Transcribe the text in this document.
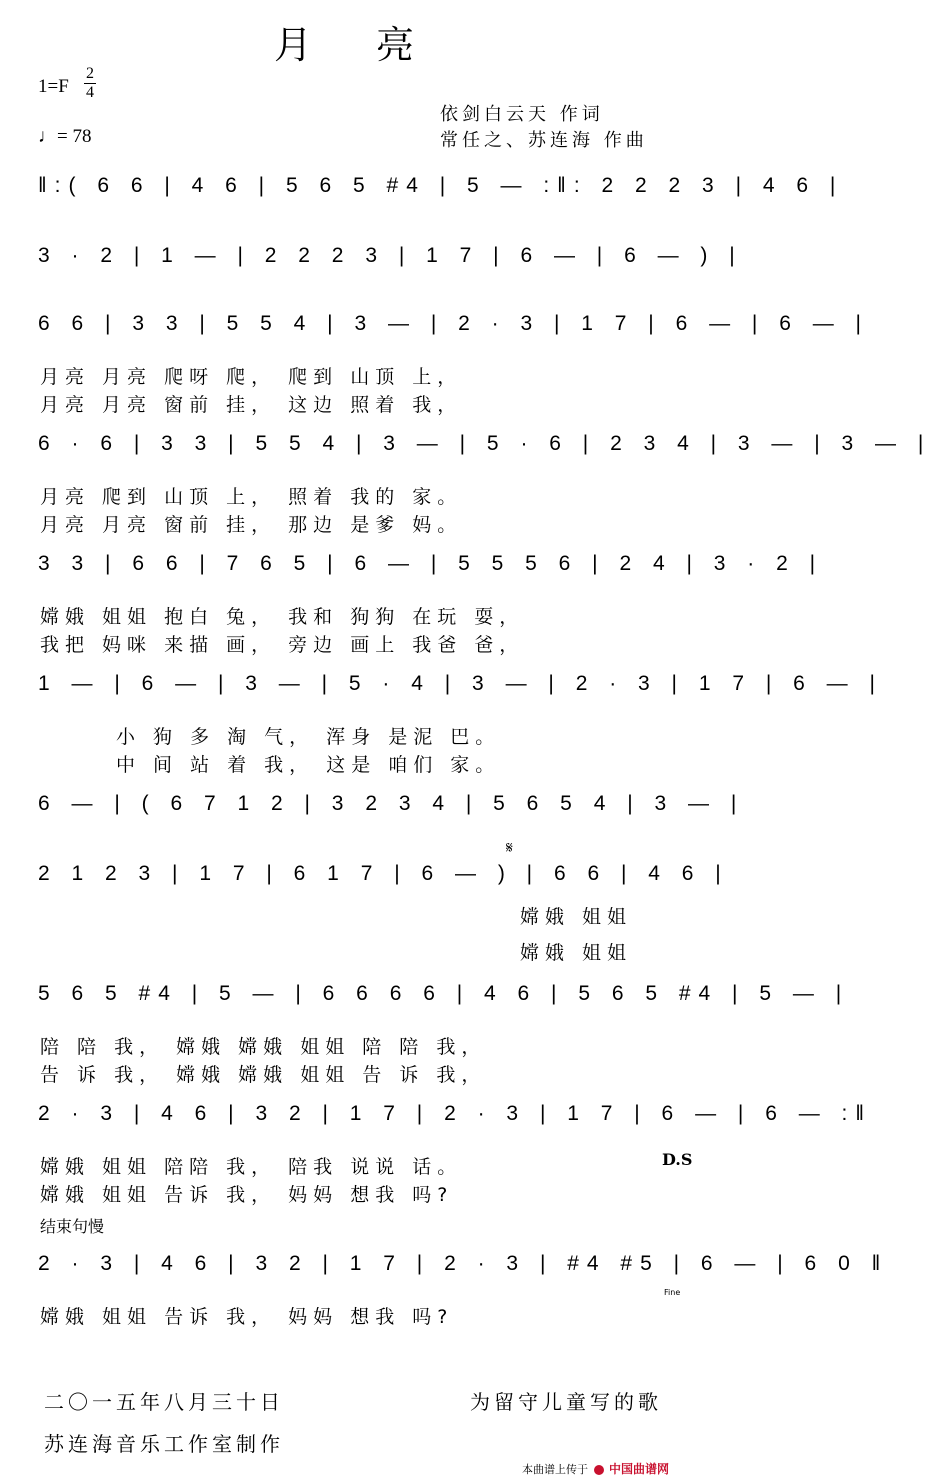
月 亮
1=F
2
4
♩= 78
依剑白云天 作词
常任之、苏连海 作曲
‖:( 6 6 | 4 6 | 5 6 5 #4 | 5 — :‖: 2 2 2 3 | 4 6 |
3 · 2 | 1 — | 2 2 2 3 | 1 7 | 6 — | 6 — ) |
6 6 | 3 3 | 5 5 4 | 3 — | 2 · 3 | 1 7 | 6 — | 6 — |
月亮 月亮 爬呀 爬， 爬到 山顶 上，
月亮 月亮 窗前 挂， 这边 照着 我，
6 · 6 | 3 3 | 5 5 4 | 3 — | 5 · 6 | 2 3 4 | 3 — | 3 — |
月亮 爬到 山顶 上， 照着 我的 家。
月亮 月亮 窗前 挂， 那边 是爹 妈。
3 3 | 6 6 | 7 6 5 | 6 — | 5 5 5 6 | 2 4 | 3 · 2 |
嫦娥 姐姐 抱白 兔， 我和 狗狗 在玩 耍，
我把 妈咪 来描 画， 旁边 画上 我爸 爸，
1 — | 6 — | 3 — | 5 · 4 | 3 — | 2 · 3 | 1 7 | 6 — |
小 狗 多 淘 气， 浑身 是泥 巴。
中 间 站 着 我， 这是 咱们 家。
6 — | ( 6 7 1 2 | 3 2 3 4 | 5 6 5 4 | 3 — |
2 1 2 3 | 1 7 | 6 1 7 | 6 — ) | 6 6 | 4 6 |
嫦娥 姐姐
嫦娥 姐姐
5 6 5 #4 | 5 — | 6 6 6 6 | 4 6 | 5 6 5 #4 | 5 — |
陪 陪 我， 嫦娥 嫦娥 姐姐 陪 陪 我，
告 诉 我， 嫦娥 嫦娥 姐姐 告 诉 我，
2 · 3 | 4 6 | 3 2 | 1 7 | 2 · 3 | 1 7 | 6 — | 6 — :‖
嫦娥 姐姐 陪陪 我， 陪我 说说 话。
嫦娥 姐姐 告诉 我， 妈妈 想我 吗?
2 · 3 | 4 6 | 3 2 | 1 7 | 2 · 3 | #4 #5 | 6 — | 6 0 ‖
嫦娥 姐姐 告诉 我， 妈妈 想我 吗?
D.S
Fine
𝄋
结束句慢
二〇一五年八月三十日	为留守儿童写的歌
苏连海音乐工作室制作
本曲谱上传于 中国曲谱网
